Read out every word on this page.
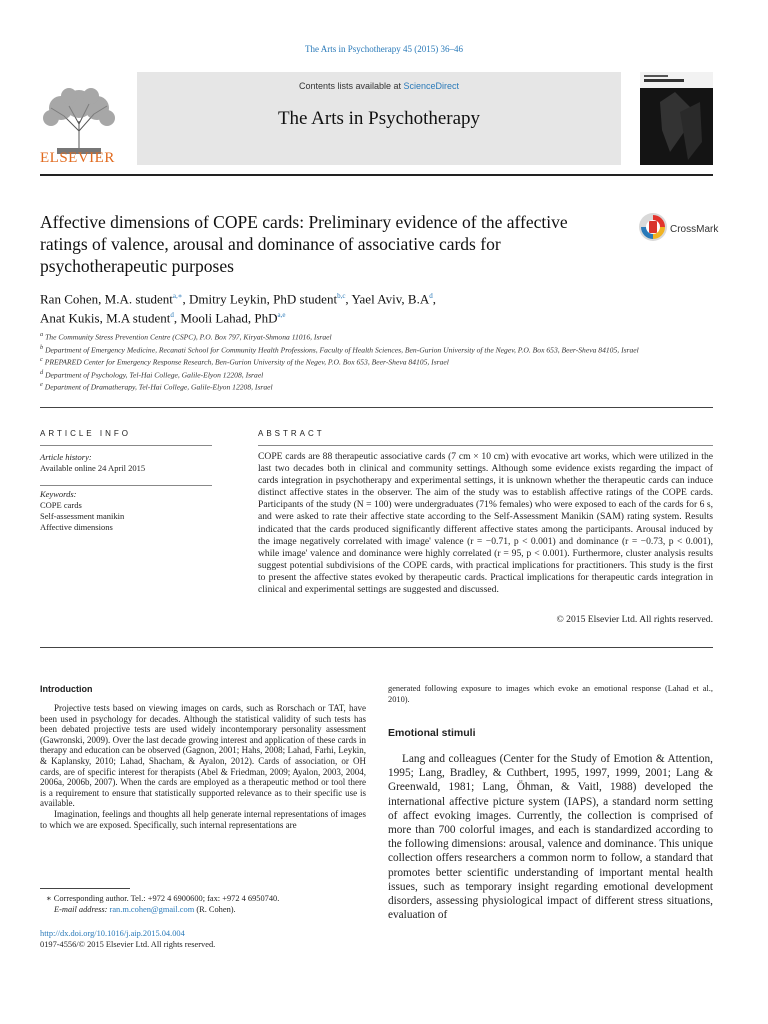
The Arts in Psychotherapy 45 (2015) 36–46
Contents lists available at ScienceDirect
The Arts in Psychotherapy
ELSEVIER
Affective dimensions of COPE cards: Preliminary evidence of the affective ratings of valence, arousal and dominance of associative cards for psychotherapeutic purposes
CrossMark
Ran Cohen, M.A. student$^{a,∗}$, Dmitry Leykin, PhD student$^{b,c}$, Yael Aviv, $B.A^d$,
Anat Kukis, M.A student$^d$, Mooli Lahad, PhD$^{a,e}$
$^a$ The Community Stress Prevention Centre (CSPC), P.O. Box 797, Kiryat-Shmona 11016, Israel
$^b$ Department of Emergency Medicine, Recanati School for Community Health Professions, Faculty of Health Sciences, Ben-Gurion University of the Negev, P.O. Box 653, Beer-Sheva 84105, Israel
$^c$ PREPARED Center for Emergency Response Research, Ben-Gurion University of the Negev, P.O. Box 653, Beer-Sheva 84105, Israel
$^d$ Department of Psychology, Tel-Hai College, Galile-Elyon 12208, Israel
$^e$ Department of Dramatherapy, Tel-Hai College, Galile-Elyon 12208, Israel
ARTICLE INFO	ABSTRACT
Article history:
Available online 24 April 2015
Keywords:
COPE cards
Self-assessment manikin
Affective dimensions
COPE cards are 88 therapeutic associative cards (7 cm × 10 cm) with evocative art works, which were utilized in the last two decades both in clinical and community settings. Although some evidence exists regarding the impact of cards integration in psychotherapy and experimental settings, it is unknown whether the therapeutic cards can induce distinct affective states in the observer. The aim of the study was to establish affective ratings of the COPE cards. Participants of the study (N = 100) were undergraduates (71% females) who were exposed to each of the cards for 6 s, and were asked to rate their affective state according to the Self-Assessment Manikin (SAM) rating system. Results indicated that the cards produced significantly different affective states among the participants. Arousal induced by the image negatively correlated with image' valence (r = −0.71, p < 0.001) and dominance (r = −0.73, p < 0.001), while image' valence and dominance were highly correlated (r = 95, p < 0.001). Furthermore, cluster analysis results suggest potential subdivisions of the COPE cards, with practical implications for practitioners. This study is the first to present the affective states evoked by therapeutic cards. Practical implications for therapeutic cards integration in clinical and experimental settings are suggested and discussed.
© 2015 Elsevier Ltd. All rights reserved.
Introduction

Projective tests based on viewing images on cards, such as Rorschach or TAT, have been used in psychology for decades. Although the statistical validity of such tests has been debated projective tests are used widely incontemporary personality assessment (Gawronski, 2009). Over the last decade growing interest and application of these cards in therapy and education can be observed (Gagnon, 2001; Hahs, 2008; Lahad, Farhi, Leykin, & Kaplansky, 2010; Lahad, Shacham, & Ayalon, 2012). Cards of association, or OH cards, are of specific interest for therapists (Abel & Friedman, 2009; Ayalon, 2003, 2004, 2006a, 2006b, 2007). When the cards are employed as a therapeutic method or tool there is a requirement to ensure that statistically supported relevance as to their specific use is available.

Imagination, feelings and thoughts all help generate internal representations of images to which we are exposed. Specifically, such internal representations are

∗ Corresponding author. Tel.: +972 4 6900600; fax: +972 4 6950740.
E-mail address: ran.m.cohen@gmail.com (R. Cohen).
http://dx.doi.org/10.1016/j.aip.2015.04.004
0197-4556/© 2015 Elsevier Ltd. All rights reserved.
generated following exposure to images which evoke an emotional response (Lahad et al., 2010).
Emotional stimuli

Lang and colleagues (Center for the Study of Emotion & Attention, 1995; Lang, Bradley, & Cuthbert, 1995, 1997, 1999, 2001; Lang & Greenwald, 1981; Lang, Öhman, & Vaitl, 1988) developed the international affective picture system (IAPS), a standard norm setting of affect evoking images. Currently, the collection is comprised of more than 700 colorful images, and each is standardized according to the following dimensions: arousal, valence and dominance. This unique collection offers researchers a common norm to follow, a standard that promotes better scientific understanding of important mental health issues, such as temporary insight regarding emotional development disorders, assessing physiological impact of different stress situations, evaluation of
